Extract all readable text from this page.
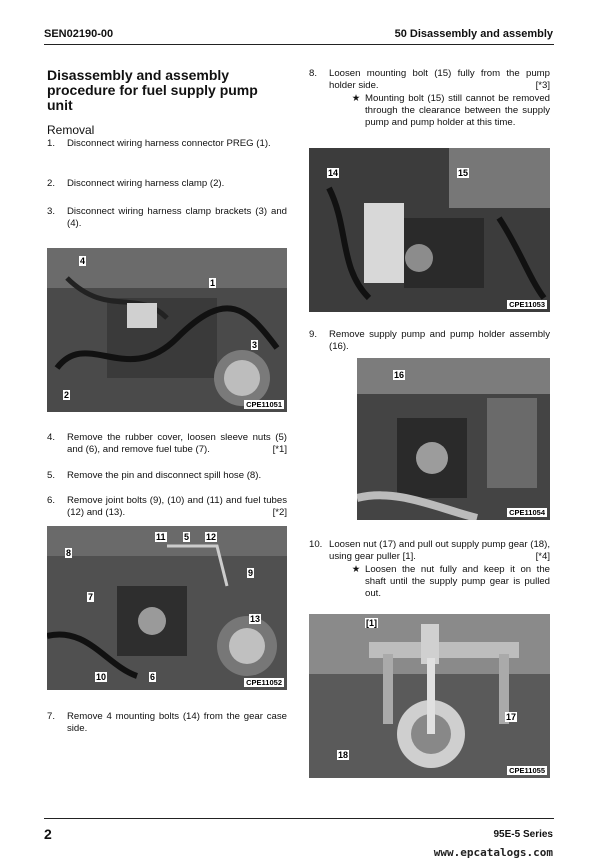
SEN02190-00	50 Disassembly and assembly
Disassembly and assembly procedure for fuel supply pump unit
Removal
1.	Disconnect wiring harness connector PREG (1).
2.	Disconnect wiring harness clamp (2).
3.	Disconnect wiring harness clamp brackets (3) and (4).
4
1
3
2
CPE11051
4.	Remove the rubber cover, loosen sleeve nuts (5) and (6), and remove fuel tube (7).	[*1]
5.	Remove the pin and disconnect spill hose (8).
6.	Remove joint bolts (9), (10) and (11) and fuel tubes (12) and (13).	[*2]
11 5 12
8
9
7
13
10	6
CPE11052
7.	Remove 4 mounting bolts (14) from the gear case side.
8.	Loosen mounting bolt (15) fully from the pump holder side.	[*3]
★ Mounting bolt (15) still cannot be removed through the clearance between the supply pump and pump holder at this time.
14	15
CPE11053
9.	Remove supply pump and pump holder assembly (16).
16
CPE11054
10. Loosen nut (17) and pull out supply pump gear (18), using gear puller [1].	[*4]
★ Loosen the nut fully and keep it on the shaft until the supply pump gear is pulled out.
[1]
17
18
CPE11055
2	95E-5 Series
www.epcatalogs.com
